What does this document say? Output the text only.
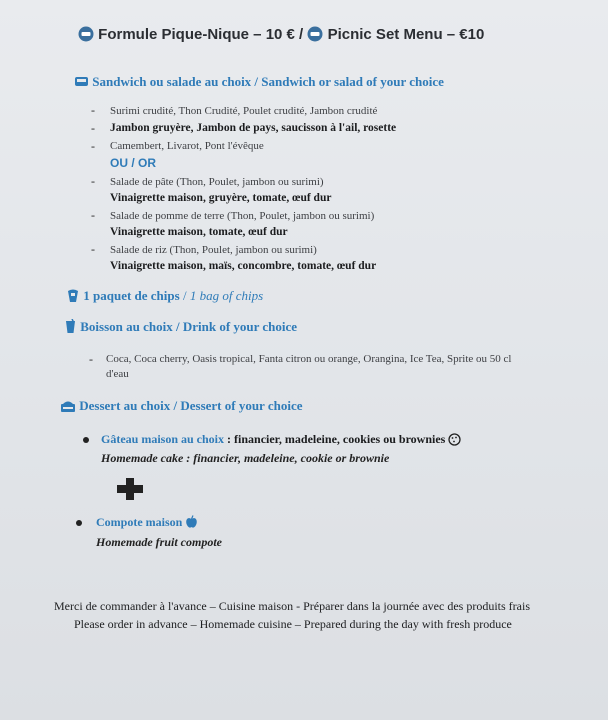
Formule Pique-Nique – 10 € / Picnic Set Menu – €10
Sandwich ou salade au choix / Sandwich or salad of your choice
- Surimi crudité, Thon Crudité, Poulet crudité, Jambon crudité
- Jambon gruyère, Jambon de pays, saucisson à l'ail, rosette
- Camembert, Livarot, Pont l'évêque
OU / OR
- Salade de pâte (Thon, Poulet, jambon ou surimi)
Vinaigrette maison, gruyère, tomate, œuf dur
- Salade de pomme de terre (Thon, Poulet, jambon ou surimi)
Vinaigrette maison, tomate, œuf dur
- Salade de riz (Thon, Poulet, jambon ou surimi)
Vinaigrette maison, maïs, concombre, tomate, œuf dur
1 paquet de chips / 1 bag of chips
Boisson au choix / Drink of your choice
- Coca, Coca cherry, Oasis tropical, Fanta citron ou orange, Orangina, Ice Tea, Sprite ou 50 cl
d'eau
Dessert au choix / Dessert of your choice
Gâteau maison au choix : financier, madeleine, cookies ou brownies
Homemade cake : financier, madeleine, cookie or brownie
Compote maison
Homemade fruit compote
Merci de commander à l'avance – Cuisine maison - Préparer dans la journée avec des produits frais
Please order in advance – Homemade cuisine – Prepared during the day with fresh produce
